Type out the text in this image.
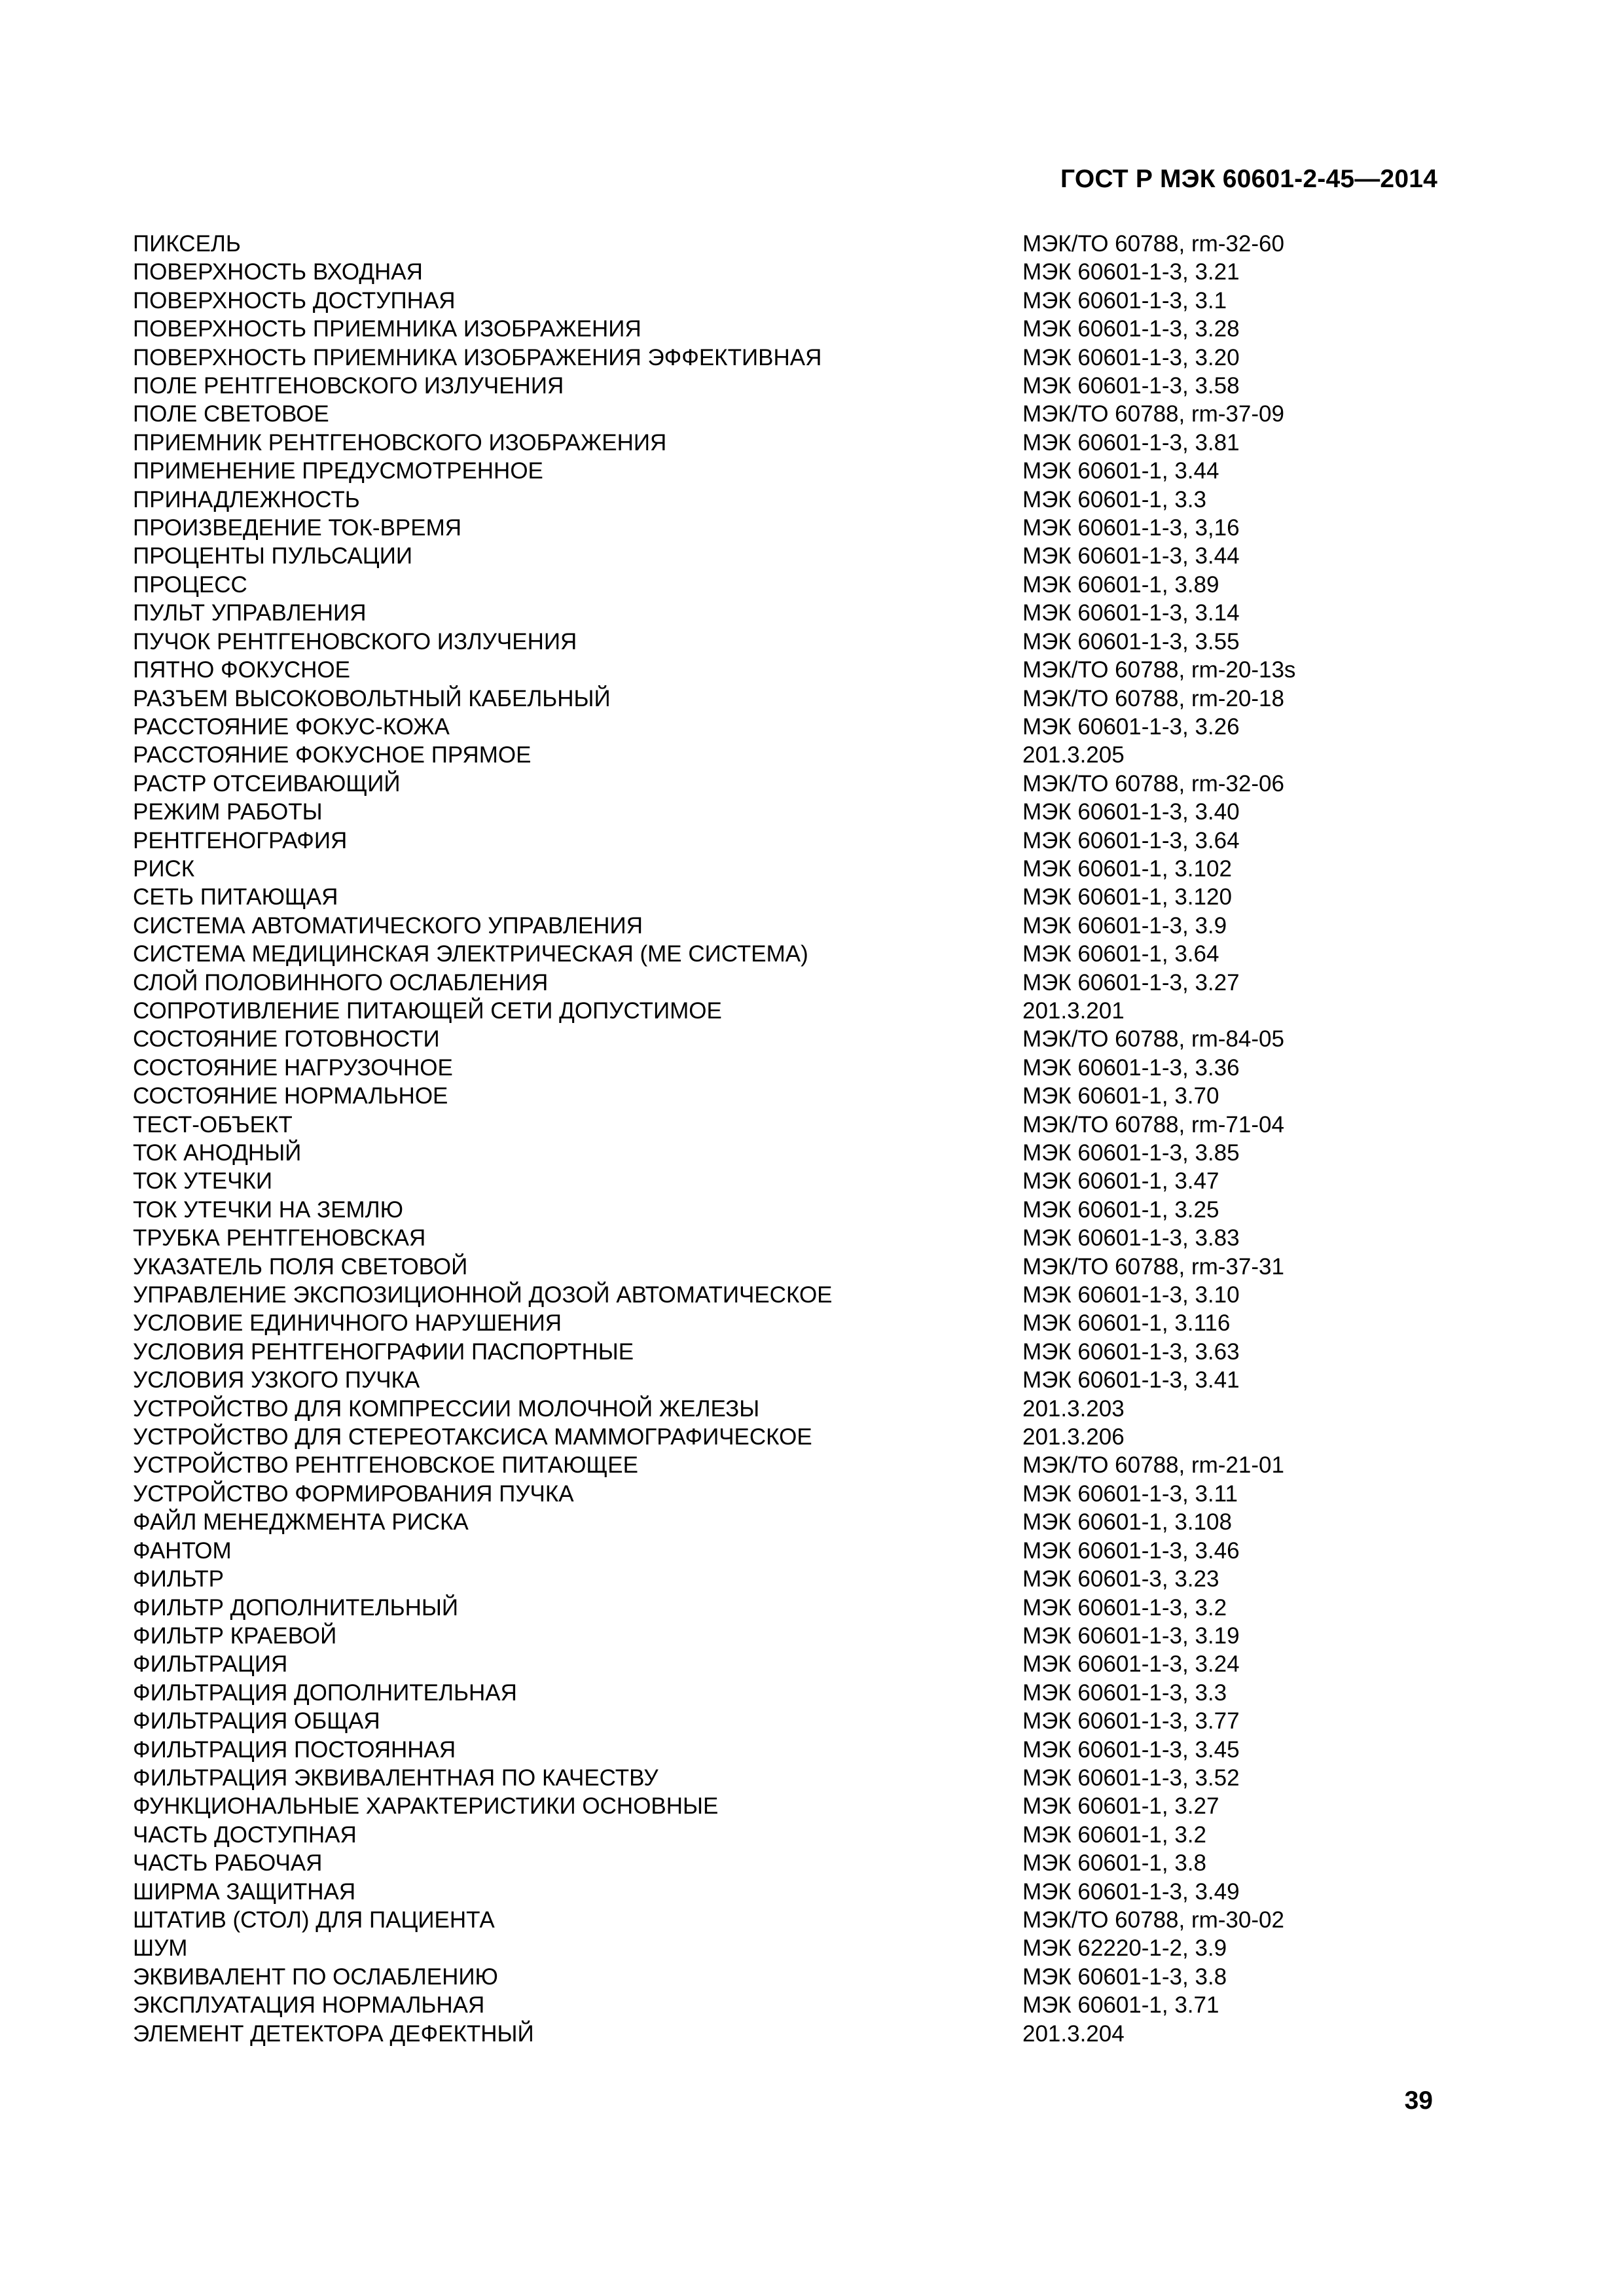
ГОСТ Р МЭК 60601-2-45—2014
ПИКСЕЛЬ	МЭК/ТО 60788, rm-32-60
ПОВЕРХНОСТЬ ВХОДНАЯ	МЭК 60601-1-3, 3.21
ПОВЕРХНОСТЬ ДОСТУПНАЯ	МЭК 60601-1-3, 3.1
ПОВЕРХНОСТЬ ПРИЕМНИКА ИЗОБРАЖЕНИЯ	МЭК 60601-1-3, 3.28
ПОВЕРХНОСТЬ ПРИЕМНИКА ИЗОБРАЖЕНИЯ ЭФФЕКТИВНАЯ	МЭК 60601-1-3, 3.20
ПОЛЕ РЕНТГЕНОВСКОГО ИЗЛУЧЕНИЯ	МЭК 60601-1-3, 3.58
ПОЛЕ СВЕТОВОЕ	МЭК/ТО 60788, rm-37-09
ПРИЕМНИК РЕНТГЕНОВСКОГО ИЗОБРАЖЕНИЯ	МЭК 60601-1-3, 3.81
ПРИМЕНЕНИЕ ПРЕДУСМОТРЕННОЕ	МЭК 60601-1, 3.44
ПРИНАДЛЕЖНОСТЬ	МЭК 60601-1, 3.3
ПРОИЗВЕДЕНИЕ ТОК-ВРЕМЯ	МЭК 60601-1-3, 3,16
ПРОЦЕНТЫ ПУЛЬСАЦИИ	МЭК 60601-1-3, 3.44
ПРОЦЕСС	МЭК 60601-1, 3.89
ПУЛЬТ УПРАВЛЕНИЯ	МЭК 60601-1-3, 3.14
ПУЧОК РЕНТГЕНОВСКОГО ИЗЛУЧЕНИЯ	МЭК 60601-1-3, 3.55
ПЯТНО ФОКУСНОЕ	МЭК/ТО 60788, rm-20-13s
РАЗЪЕМ ВЫСОКОВОЛЬТНЫЙ КАБЕЛЬНЫЙ	МЭК/ТО 60788, rm-20-18
РАССТОЯНИЕ ФОКУС-КОЖА	МЭК 60601-1-3, 3.26
РАССТОЯНИЕ ФОКУСНОЕ ПРЯМОЕ	201.3.205
РАСТР ОТСЕИВАЮЩИЙ	МЭК/ТО 60788, rm-32-06
РЕЖИМ РАБОТЫ	МЭК 60601-1-3, 3.40
РЕНТГЕНОГРАФИЯ	МЭК 60601-1-3, 3.64
РИСК	МЭК 60601-1, 3.102
СЕТЬ ПИТАЮЩАЯ	МЭК 60601-1, 3.120
СИСТЕМА АВТОМАТИЧЕСКОГО УПРАВЛЕНИЯ	МЭК 60601-1-3, 3.9
СИСТЕМА МЕДИЦИНСКАЯ ЭЛЕКТРИЧЕСКАЯ (МЕ СИСТЕМА)	МЭК 60601-1, 3.64
СЛОЙ ПОЛОВИННОГО ОСЛАБЛЕНИЯ	МЭК 60601-1-3, 3.27
СОПРОТИВЛЕНИЕ ПИТАЮЩЕЙ СЕТИ ДОПУСТИМОЕ	201.3.201
СОСТОЯНИЕ ГОТОВНОСТИ	МЭК/ТО 60788, rm-84-05
СОСТОЯНИЕ НАГРУЗОЧНОЕ	МЭК 60601-1-3, 3.36
СОСТОЯНИЕ НОРМАЛЬНОЕ	МЭК 60601-1, 3.70
ТЕСТ-ОБЪЕКТ	МЭК/ТО 60788, rm-71-04
ТОК АНОДНЫЙ	МЭК 60601-1-3, 3.85
ТОК УТЕЧКИ	МЭК 60601-1, 3.47
ТОК УТЕЧКИ НА ЗЕМЛЮ	МЭК 60601-1, 3.25
ТРУБКА РЕНТГЕНОВСКАЯ	МЭК 60601-1-3, 3.83
УКАЗАТЕЛЬ ПОЛЯ СВЕТОВОЙ	МЭК/ТО 60788, rm-37-31
УПРАВЛЕНИЕ ЭКСПОЗИЦИОННОЙ ДОЗОЙ АВТОМАТИЧЕСКОЕ	МЭК 60601-1-3, 3.10
УСЛОВИЕ ЕДИНИЧНОГО НАРУШЕНИЯ	МЭК 60601-1, 3.116
УСЛОВИЯ РЕНТГЕНОГРАФИИ ПАСПОРТНЫЕ	МЭК 60601-1-3, 3.63
УСЛОВИЯ УЗКОГО ПУЧКА	МЭК 60601-1-3, 3.41
УСТРОЙСТВО ДЛЯ КОМПРЕССИИ МОЛОЧНОЙ ЖЕЛЕЗЫ	201.3.203
УСТРОЙСТВО ДЛЯ СТЕРЕОТАКСИСА МАММОГРАФИЧЕСКОЕ	201.3.206
УСТРОЙСТВО РЕНТГЕНОВСКОЕ ПИТАЮЩЕЕ	МЭК/ТО 60788, rm-21-01
УСТРОЙСТВО ФОРМИРОВАНИЯ ПУЧКА	МЭК 60601-1-3, 3.11
ФАЙЛ МЕНЕДЖМЕНТА РИСКА	МЭК 60601-1, 3.108
ФАНТОМ	МЭК 60601-1-3, 3.46
ФИЛЬТР	МЭК 60601-3, 3.23
ФИЛЬТР ДОПОЛНИТЕЛЬНЫЙ	МЭК 60601-1-3, 3.2
ФИЛЬТР КРАЕВОЙ	МЭК 60601-1-3, 3.19
ФИЛЬТРАЦИЯ	МЭК 60601-1-3, 3.24
ФИЛЬТРАЦИЯ ДОПОЛНИТЕЛЬНАЯ	МЭК 60601-1-3, 3.3
ФИЛЬТРАЦИЯ ОБЩАЯ	МЭК 60601-1-3, 3.77
ФИЛЬТРАЦИЯ ПОСТОЯННАЯ	МЭК 60601-1-3, 3.45
ФИЛЬТРАЦИЯ ЭКВИВАЛЕНТНАЯ ПО КАЧЕСТВУ	МЭК 60601-1-3, 3.52
ФУНКЦИОНАЛЬНЫЕ ХАРАКТЕРИСТИКИ ОСНОВНЫЕ	МЭК 60601-1, 3.27
ЧАСТЬ ДОСТУПНАЯ	МЭК 60601-1, 3.2
ЧАСТЬ РАБОЧАЯ	МЭК 60601-1, 3.8
ШИРМА ЗАЩИТНАЯ	МЭК 60601-1-3, 3.49
ШТАТИВ (СТОЛ) ДЛЯ ПАЦИЕНТА	МЭК/ТО 60788, rm-30-02
ШУМ	МЭК 62220-1-2, 3.9
ЭКВИВАЛЕНТ ПО ОСЛАБЛЕНИЮ	МЭК 60601-1-3, 3.8
ЭКСПЛУАТАЦИЯ НОРМАЛЬНАЯ	МЭК 60601-1, 3.71
ЭЛЕМЕНТ ДЕТЕКТОРА ДЕФЕКТНЫЙ	201.3.204
39
